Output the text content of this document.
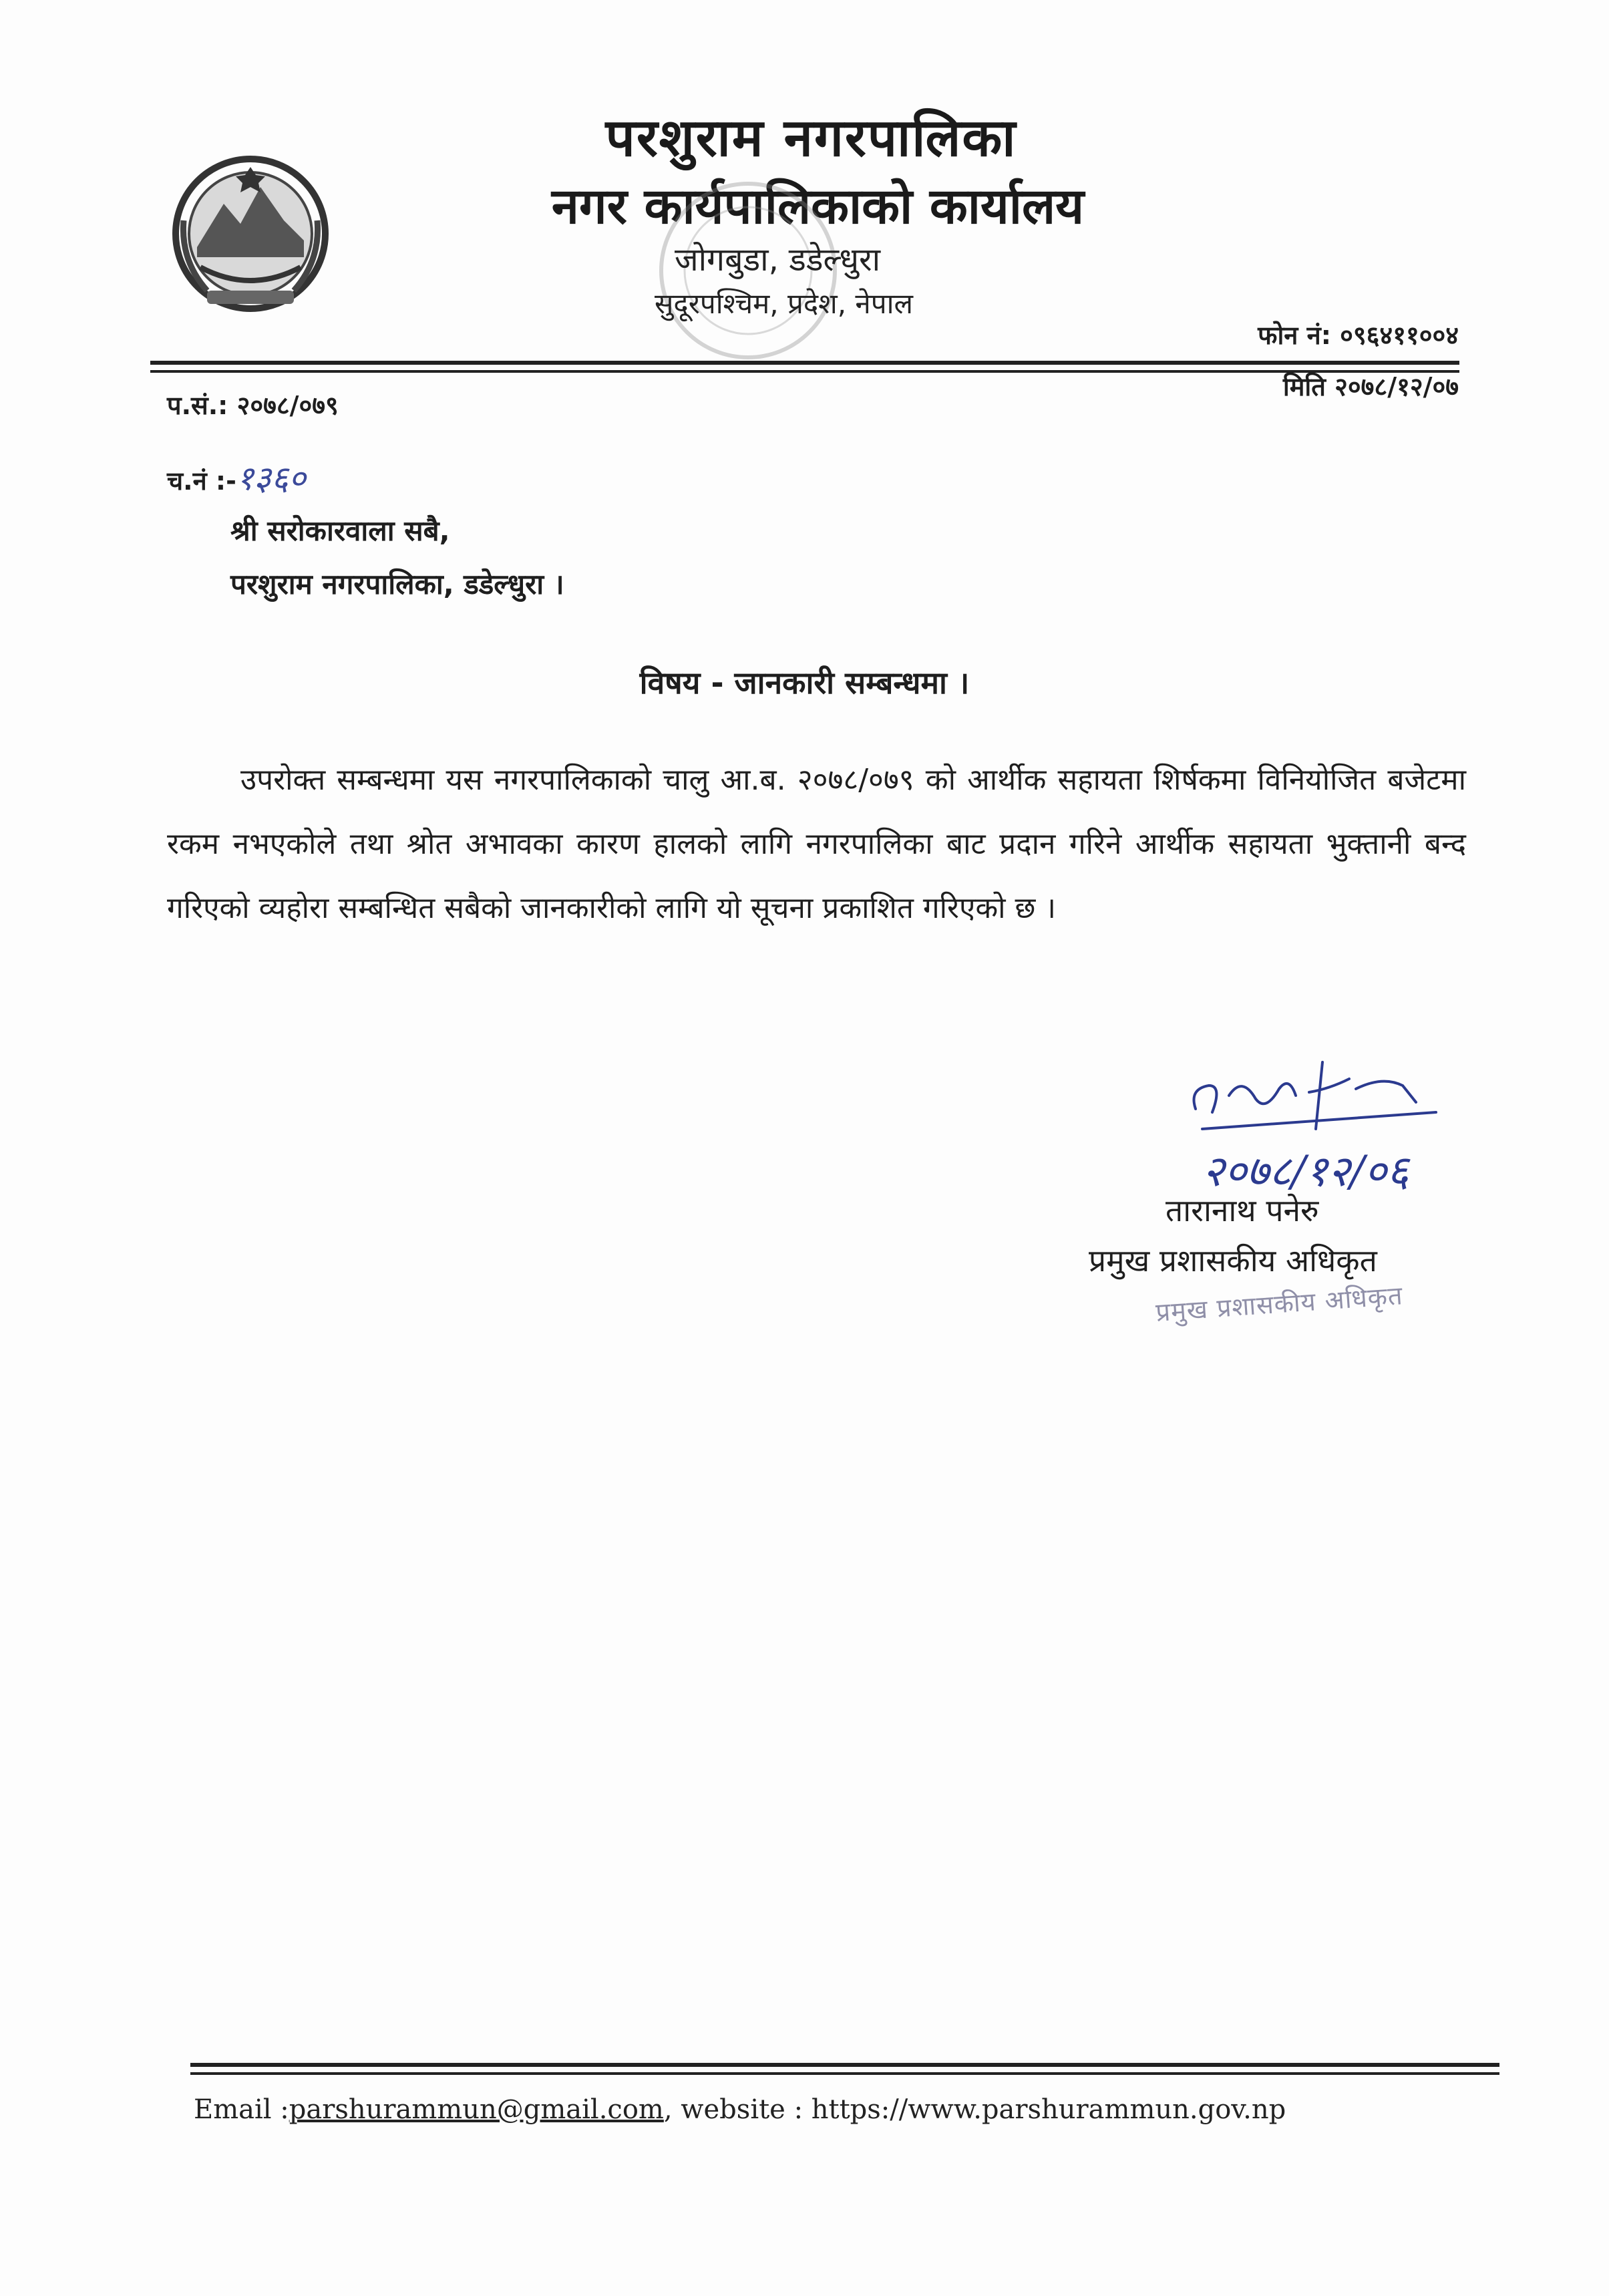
परशुराम नगरपालिका
नगर कार्यपालिकाको कार्यालय
जोगबुडा, डडेल्धुरा
सुदूरपश्चिम, प्रदेश, नेपाल
फोन नं: ०९६४११००४
मिति २०७८/१२/०७
प.सं.: २०७८/०७९
च.नं :-१३६०
श्री सरोकारवाला सबै,
परशुराम नगरपालिका, डडेल्धुरा ।
विषय - जानकारी सम्बन्धमा ।
उपरोक्त सम्बन्धमा यस नगरपालिकाको चालु आ.ब. २०७८/०७९ को आर्थीक सहायता शिर्षकमा विनियोजित बजेटमा रकम नभएकोले तथा श्रोत अभावका कारण हालको लागि नगरपालिका बाट प्रदान गरिने आर्थीक सहायता भुक्तानी बन्द गरिएको व्यहोरा सम्बन्धित सबैको जानकारीको लागि यो सूचना प्रकाशित गरिएको छ ।
२०७८/१२/०६
तारानाथ पनेरु
प्रमुख प्रशासकीय अधिकृत
प्रमुख प्रशासकीय अधिकृत
Email :parshurammun@gmail.com, website : https://www.parshurammun.gov.np
